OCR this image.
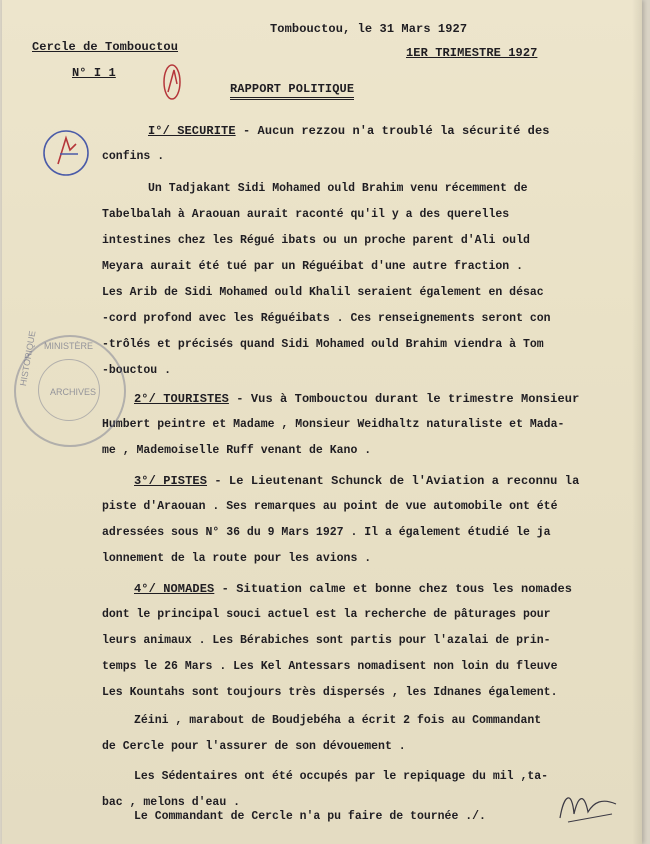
Tombouctou, le 31 Mars 1927
Cercle de Tombouctou	1ER TRIMESTRE 1927
N° I 1
RAPPORT POLITIQUE
I°/ SECURITE - Aucun rezzou n'a troublé la sécurité des
confins .
Un Tadjakant Sidi Mohamed ould Brahim venu récemment de
Tabelbalah à Araouan aurait raconté qu'il y a des querelles
intestines chez les Régué ibats ou un proche parent d'Ali ould
Meyara aurait été tué par un Réguéibat d'une autre fraction .
Les Arib de Sidi Mohamed ould Khalil seraient également en désac
-cord profond avec les Réguéibats . Ces renseignements seront con
-trôlés et précisés quand Sidi Mohamed ould Brahim viendra à Tom
-bouctou .
2°/ TOURISTES - Vus à Tombouctou durant le trimestre Monsieur
Humbert peintre et Madame , Monsieur Weidhaltz naturaliste et Mada-
me , Mademoiselle Ruff venant de Kano .
3°/ PISTES - Le Lieutenant Schunck de l'Aviation a reconnu la
piste d'Araouan . Ses remarques au point de vue automobile ont été
adressées sous N° 36 du 9 Mars 1927 . Il a également étudié le ja
lonnement de la route pour les avions .
4°/ NOMADES - Situation calme et bonne chez tous les nomades
dont le principal souci actuel est la recherche de pâturages pour
leurs animaux . Les Bérabiches sont partis pour l'azalai de prin-
temps le 26 Mars . Les Kel Antessars nomadisent non loin du fleuve
Les Kountahs sont toujours très dispersés , les Idnanes également.
Zéini , marabout de Boudjebéha a écrit 2 fois au Commandant
de Cercle pour l'assurer de son dévouement .
Les Sédentaires ont été occupés par le repiquage du mil ,ta-
bac , melons d'eau .
Le Commandant de Cercle n'a pu faire de tournée ./.
MINISTÈRE
HISTORIQUE
ARCHIVES
